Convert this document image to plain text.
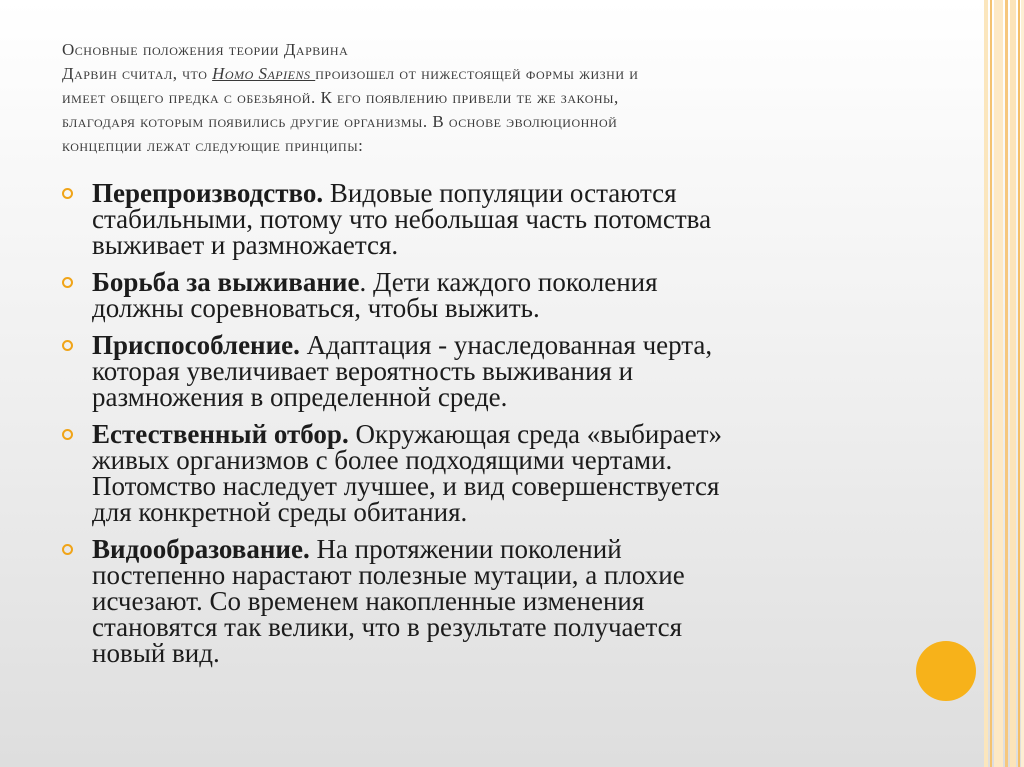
Основные положения теории Дарвина
Дарвин считал, что Homo Sapiens произошел от нижестоящей формы жизни и
имеет общего предка с обезьяной. К его появлению привели те же законы,
благодаря которым появились другие организмы. В основе эволюционной
концепции лежат следующие принципы:
Перепроизводство. Видовые популяции остаются
стабильными, потому что небольшая часть потомства
выживает и размножается.
Борьба за выживание. Дети каждого поколения
должны соревноваться, чтобы выжить.
Приспособление. Адаптация - унаследованная черта,
которая увеличивает вероятность выживания и
размножения в определенной среде.
Естественный отбор. Окружающая среда «выбирает»
живых организмов с более подходящими чертами.
Потомство наследует лучшее, и вид совершенствуется
для конкретной среды обитания.
Видообразование. На протяжении поколений
постепенно нарастают полезные мутации, а плохие
исчезают. Со временем накопленные изменения
становятся так велики, что в результате получается
новый вид.
